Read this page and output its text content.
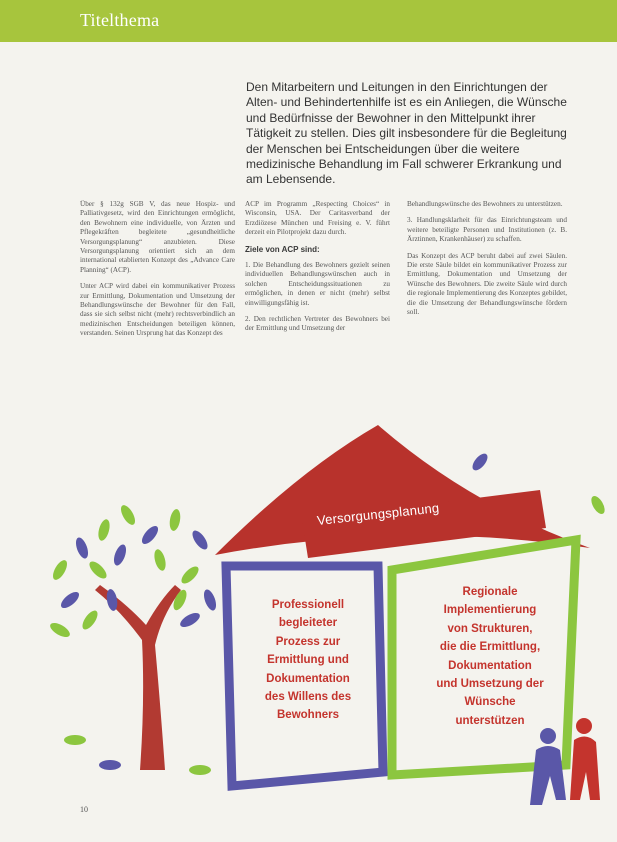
Titelthema
Den Mitarbeitern und Leitungen in den Einrichtungen der Alten- und Behindertenhilfe ist es ein Anliegen, die Wünsche und Bedürfnisse der Bewohner in den Mittelpunkt ihrer Tätigkeit zu stellen. Dies gilt insbesondere für die Begleitung der Menschen bei Entscheidungen über die weitere medizinische Behandlung im Fall schwerer Erkrankung und am Lebensende.

Über § 132g SGB V, das neue Hospiz- und Palliativgesetz, wird den Einrichtungen ermöglicht, den Bewohnern eine individuelle, von Ärzten und Pflegekräften begleitete „gesundheitliche Versorgungsplanung“ anzubieten. Diese Versorgungsplanung orientiert sich an dem international etablierten Konzept des „Advance Care Planning“ (ACP).

Unter ACP wird dabei ein kommunikativer Prozess zur Ermittlung, Dokumentation und Umsetzung der Behandlungswünsche der Bewohner für den Fall, dass sie sich selbst nicht (mehr) rechtsverbindlich an medizinischen Entscheidungen beteiligen können, verstanden. Seinen Ursprung hat das Konzept des

ACP im Programm „Respecting Choices“ in Wisconsin, USA. Der Caritasverband der Erzdiözese München und Freising e. V. führt derzeit ein Pilotprojekt dazu durch.

Ziele von ACP sind:

1. Die Behandlung des Bewohners gezielt seinen individuellen Behandlungswünschen auch in solchen Entscheidungssituationen zu ermöglichen, in denen er nicht (mehr) selbst einwilligungsfähig ist.

2. Den rechtlichen Vertreter des Bewohners bei der Ermittlung und Umsetzung der

Behandlungswünsche des Bewohners zu unterstützen.

3. Handlungsklarheit für das Einrichtungsteam und weitere beteiligte Personen und Institutionen (z. B. Ärztinnen, Krankenhäuser) zu schaffen.

Das Konzept des ACP beruht dabei auf zwei Säulen. Die erste Säule bildet ein kommunikativer Prozess zur Ermittlung, Dokumentation und Umsetzung der Wünsche des Bewohners. Die zweite Säule wird durch die regionale Implementierung des Konzeptes gebildet, die die Umsetzung der Behandlungswünsche fördern soll.

Versorgungsplanung
Professionell
begleiteter
Prozess zur
Ermittlung und
Dokumentation
des Willens des
Bewohners
Regionale
Implementierung
von Strukturen,
die die Ermittlung,
Dokumentation
und Umsetzung der
Wünsche
unterstützen
10
